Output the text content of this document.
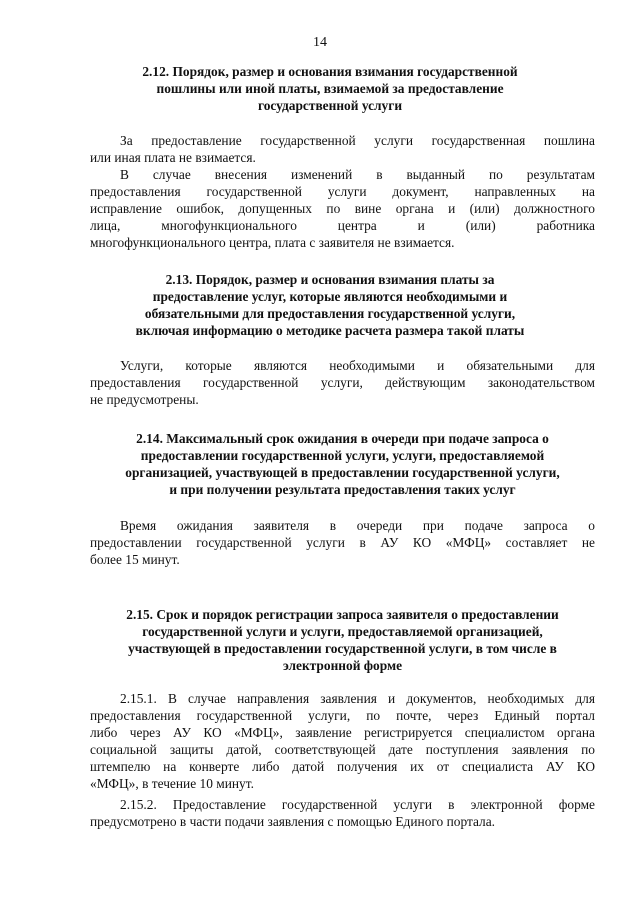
14
2.12. Порядок, размер и основания взимания государственной
пошлины или иной платы, взимаемой за предоставление
государственной услуги
За предоставление государственной услуги государственная пошлина
или иная плата не взимается.
В случае внесения изменений в выданный по результатам
предоставления государственной услуги документ, направленных на
исправление ошибок, допущенных по вине органа и (или) должностного
лица, многофункционального центра и (или) работника
многофункционального центра, плата с заявителя не взимается.
2.13. Порядок, размер и основания взимания платы за
предоставление услуг, которые являются необходимыми и
обязательными для предоставления государственной услуги,
включая информацию о методике расчета размера такой платы
Услуги, которые являются необходимыми и обязательными для
предоставления государственной услуги, действующим законодательством
не предусмотрены.
2.14. Максимальный срок ожидания в очереди при подаче запроса о
предоставлении государственной услуги, услуги, предоставляемой
организацией, участвующей в предоставлении государственной услуги,
и при получении результата предоставления таких услуг
Время ожидания заявителя в очереди при подаче запроса о
предоставлении государственной услуги в АУ КО «МФЦ» составляет не
более 15 минут.
2.15. Срок и порядок регистрации запроса заявителя о предоставлении
государственной услуги и услуги, предоставляемой организацией,
участвующей в предоставлении государственной услуги, в том числе в
электронной форме
2.15.1. В случае направления заявления и документов, необходимых для
предоставления государственной услуги, по почте, через Единый портал
либо через АУ КО «МФЦ», заявление регистрируется специалистом органа
социальной защиты датой, соответствующей дате поступления заявления по
штемпелю на конверте либо датой получения их от специалиста АУ КО
«МФЦ», в течение 10 минут.
2.15.2. Предоставление государственной услуги в электронной форме
предусмотрено в части подачи заявления с помощью Единого портала.
